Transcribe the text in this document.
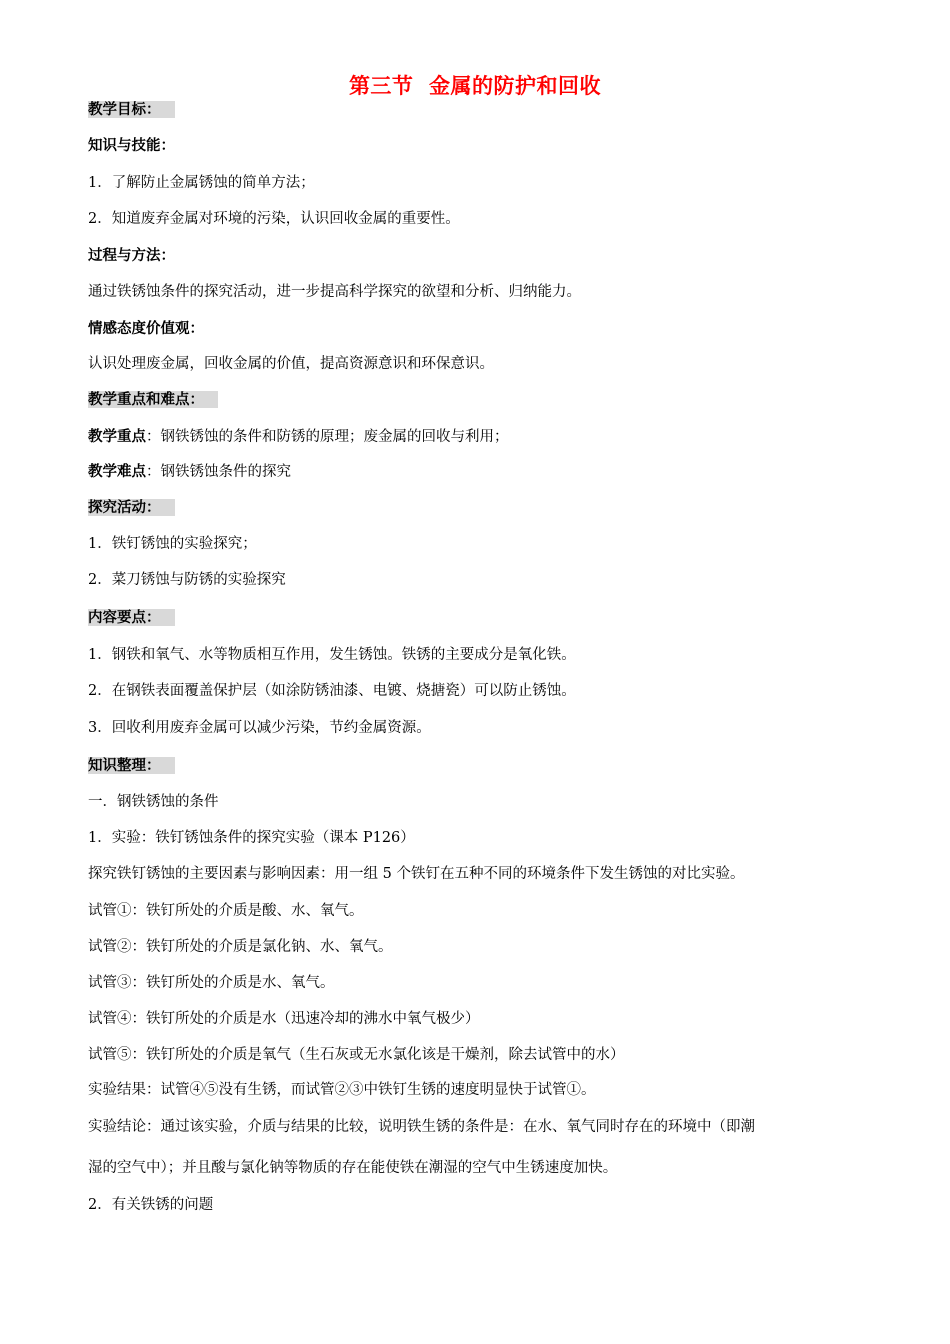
第三节  金属的防护和回收
教学目标：
知识与技能：
1．了解防止金属锈蚀的简单方法；
2．知道废弃金属对环境的污染，认识回收金属的重要性。
过程与方法：
通过铁锈蚀条件的探究活动，进一步提高科学探究的欲望和分析、归纳能力。
情感态度价值观：
认识处理废金属，回收金属的价值，提高资源意识和环保意识。
教学重点和难点：
教学重点：钢铁锈蚀的条件和防锈的原理；废金属的回收与利用；
教学难点：钢铁锈蚀条件的探究
探究活动：
1．铁钉锈蚀的实验探究；
2．菜刀锈蚀与防锈的实验探究
内容要点：
1．钢铁和氧气、水等物质相互作用，发生锈蚀。铁锈的主要成分是氧化铁。
2．在钢铁表面覆盖保护层（如涂防锈油漆、电镀、烧搪瓷）可以防止锈蚀。
3．回收利用废弃金属可以减少污染，节约金属资源。
知识整理：
一．钢铁锈蚀的条件
1．实验：铁钉锈蚀条件的探究实验（课本 P126）
探究铁钉锈蚀的主要因素与影响因素：用一组 5 个铁钉在五种不同的环境条件下发生锈蚀的对比实验。
试管①：铁钉所处的介质是酸、水、氧气。
试管②：铁钉所处的介质是氯化钠、水、氧气。
试管③：铁钉所处的介质是水、氧气。
试管④：铁钉所处的介质是水（迅速冷却的沸水中氧气极少）
试管⑤：铁钉所处的介质是氧气（生石灰或无水氯化该是干燥剂，除去试管中的水）
实验结果：试管④⑤没有生锈，而试管②③中铁钉生锈的速度明显快于试管①。
实验结论：通过该实验，介质与结果的比较，说明铁生锈的条件是：在水、氧气同时存在的环境中（即潮
湿的空气中）；并且酸与氯化钠等物质的存在能使铁在潮湿的空气中生锈速度加快。
2．有关铁锈的问题
